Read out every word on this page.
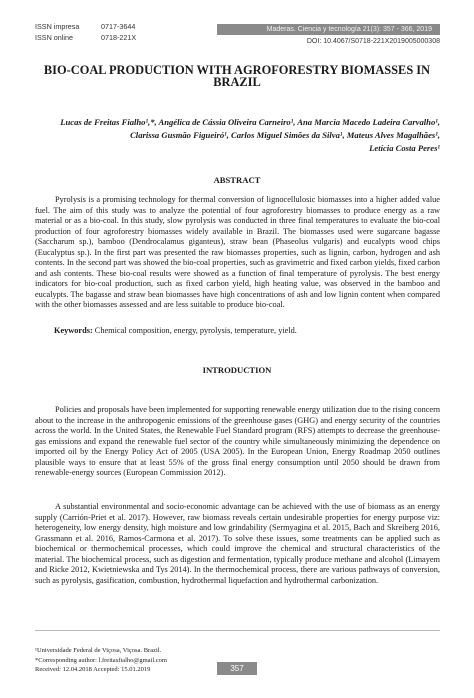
ISSN impresa	0717-3644
ISSN online	0718-221X
Maderas. Ciencia y tecnología 21(3): 357 - 366, 2019
DOI: 10.4067/S0718-221X2019005000308
BIO-COAL PRODUCTION WITH AGROFORESTRY BIOMASSES IN BRAZIL
Lucas de Freitas Fialho¹,*, Angélica de Cássia Oliveira Carneiro¹, Ana Marcia Macedo Ladeira Carvalho¹,
Clarissa Gusmão Figueiró¹, Carlos Miguel Simões da Silva¹, Mateus Alves Magalhães¹,
Letícia Costa Peres¹
ABSTRACT
Pyrolysis is a promising technology for thermal conversion of lignocellulosic biomasses into a higher added value fuel. The aim of this study was to analyze the potential of four agroforestry biomasses to produce energy as a raw material or as a bio-coal. In this study, slow pyrolysis was conducted in three final temperatures to evaluate the bio-coal production of four agroforestry biomasses widely available in Brazil. The biomasses used were sugarcane bagasse (Saccharum sp.), bamboo (Dendrocalamus giganteus), straw bean (Phaseolus vulgaris) and eucalypts wood chips (Eucalyptus sp.). In the first part was presented the raw biomasses properties, such as lignin, carbon, hydrogen and ash contents. In the second part was showed the bio-coal properties, such as gravimetric and fixed carbon yields, fixed carbon and ash contents. These bio-coal results were showed as a function of final temperature of pyrolysis. The best energy indicators for bio-coal production, such as fixed carbon yield, high heating value, was observed in the bamboo and eucalypts. The bagasse and straw bean biomasses have high concentrations of ash and low lignin content when compared with the other biomasses assessed and are less suitable to produce bio-coal.
Keywords: Chemical composition, energy, pyrolysis, temperature, yield.
INTRODUCTION
Policies and proposals have been implemented for supporting renewable energy utilization due to the rising concern about to the increase in the anthropogenic emissions of the greenhouse gases (GHG) and energy security of the countries across the world. In the United States, the Renewable Fuel Standard program (RFS) attempts to decrease the greenhouse-gas emissions and expand the renewable fuel sector of the country while simultaneously minimizing the dependence on imported oil by the Energy Policy Act of 2005 (USA 2005). In the European Union, Energy Roadmap 2050 outlines plausible ways to ensure that at least 55% of the gross final energy consumption until 2050 should be drawn from renewable-energy sources (European Commission 2012).
A substantial environmental and socio-economic advantage can be achieved with the use of biomass as an energy supply (Carrión-Priet et al. 2017). However, raw biomass reveals certain undesirable properties for energy purpose viz: heterogeneity, low energy density, high moisture and low grindability (Sermyagina et al. 2015, Bach and Skreiberg 2016, Grassmann et al. 2016, Ramos-Carmona et al. 2017). To solve these issues, some treatments can be applied such as biochemical or thermochemical processes, which could improve the chemical and structural characteristics of the material. The biochemical process, such as digestion and fermentation, typically produce methane and alcohol (Limayem and Ricke 2012, Kwietniewska and Tys 2014). In the thermochemical process, there are various pathways of conversion, such as pyrolysis, gasification, combustion, hydrothermal liquefaction and hydrothermal carbonization.
¹Universidade Federal de Viçosa, Viçosa. Brazil.
*Corresponding author: l.freitasfialho@gmail.com
Received: 12.04.2018 Accepted: 15.01.2019	357
